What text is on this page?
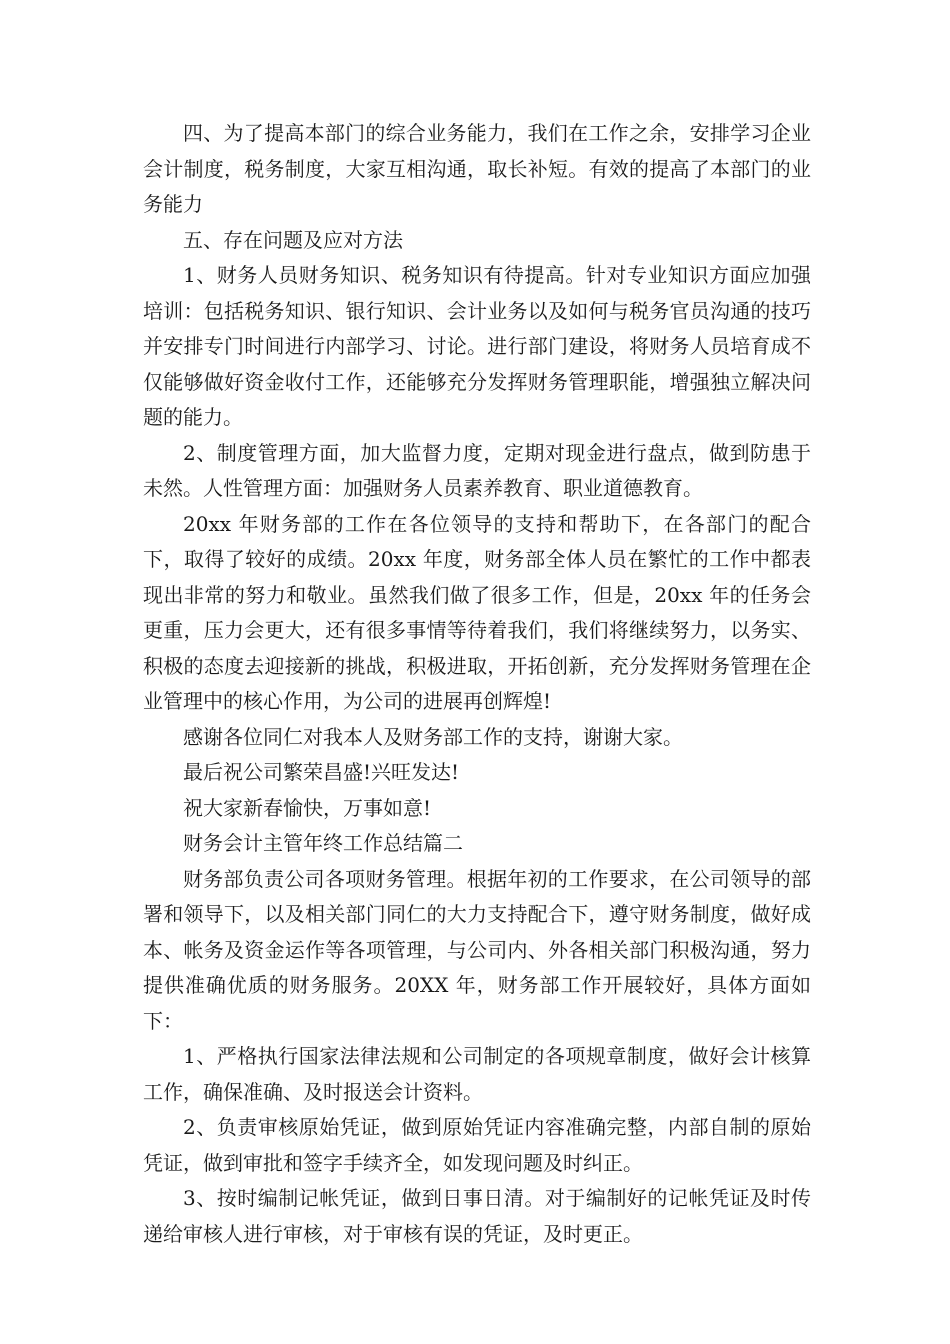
四、为了提高本部门的综合业务能力，我们在工作之余，安排学习企业会计制度，税务制度，大家互相沟通，取长补短。有效的提高了本部门的业务能力

五、存在问题及应对方法

1、财务人员财务知识、税务知识有待提高。针对专业知识方面应加强培训：包括税务知识、银行知识、会计业务以及如何与税务官员沟通的技巧并安排专门时间进行内部学习、讨论。进行部门建设，将财务人员培育成不仅能够做好资金收付工作，还能够充分发挥财务管理职能，增强独立解决问题的能力。

2、制度管理方面，加大监督力度，定期对现金进行盘点，做到防患于未然。人性管理方面：加强财务人员素养教育、职业道德教育。

20xx 年财务部的工作在各位领导的支持和帮助下，在各部门的配合下，取得了较好的成绩。20xx 年度，财务部全体人员在繁忙的工作中都表现出非常的努力和敬业。虽然我们做了很多工作，但是，20xx 年的任务会更重，压力会更大，还有很多事情等待着我们，我们将继续努力，以务实、积极的态度去迎接新的挑战，积极进取，开拓创新，充分发挥财务管理在企业管理中的核心作用，为公司的进展再创辉煌!

感谢各位同仁对我本人及财务部工作的支持，谢谢大家。

最后祝公司繁荣昌盛!兴旺发达!

祝大家新春愉快，万事如意!

财务会计主管年终工作总结篇二

财务部负责公司各项财务管理。根据年初的工作要求，在公司领导的部署和领导下，以及相关部门同仁的大力支持配合下，遵守财务制度，做好成本、帐务及资金运作等各项管理，与公司内、外各相关部门积极沟通，努力提供准确优质的财务服务。20XX 年，财务部工作开展较好，具体方面如下：

1、严格执行国家法律法规和公司制定的各项规章制度，做好会计核算工作，确保准确、及时报送会计资料。

2、负责审核原始凭证，做到原始凭证内容准确完整，内部自制的原始凭证，做到审批和签字手续齐全，如发现问题及时纠正。

3、按时编制记帐凭证，做到日事日清。对于编制好的记帐凭证及时传递给审核人进行审核，对于审核有误的凭证，及时更正。
